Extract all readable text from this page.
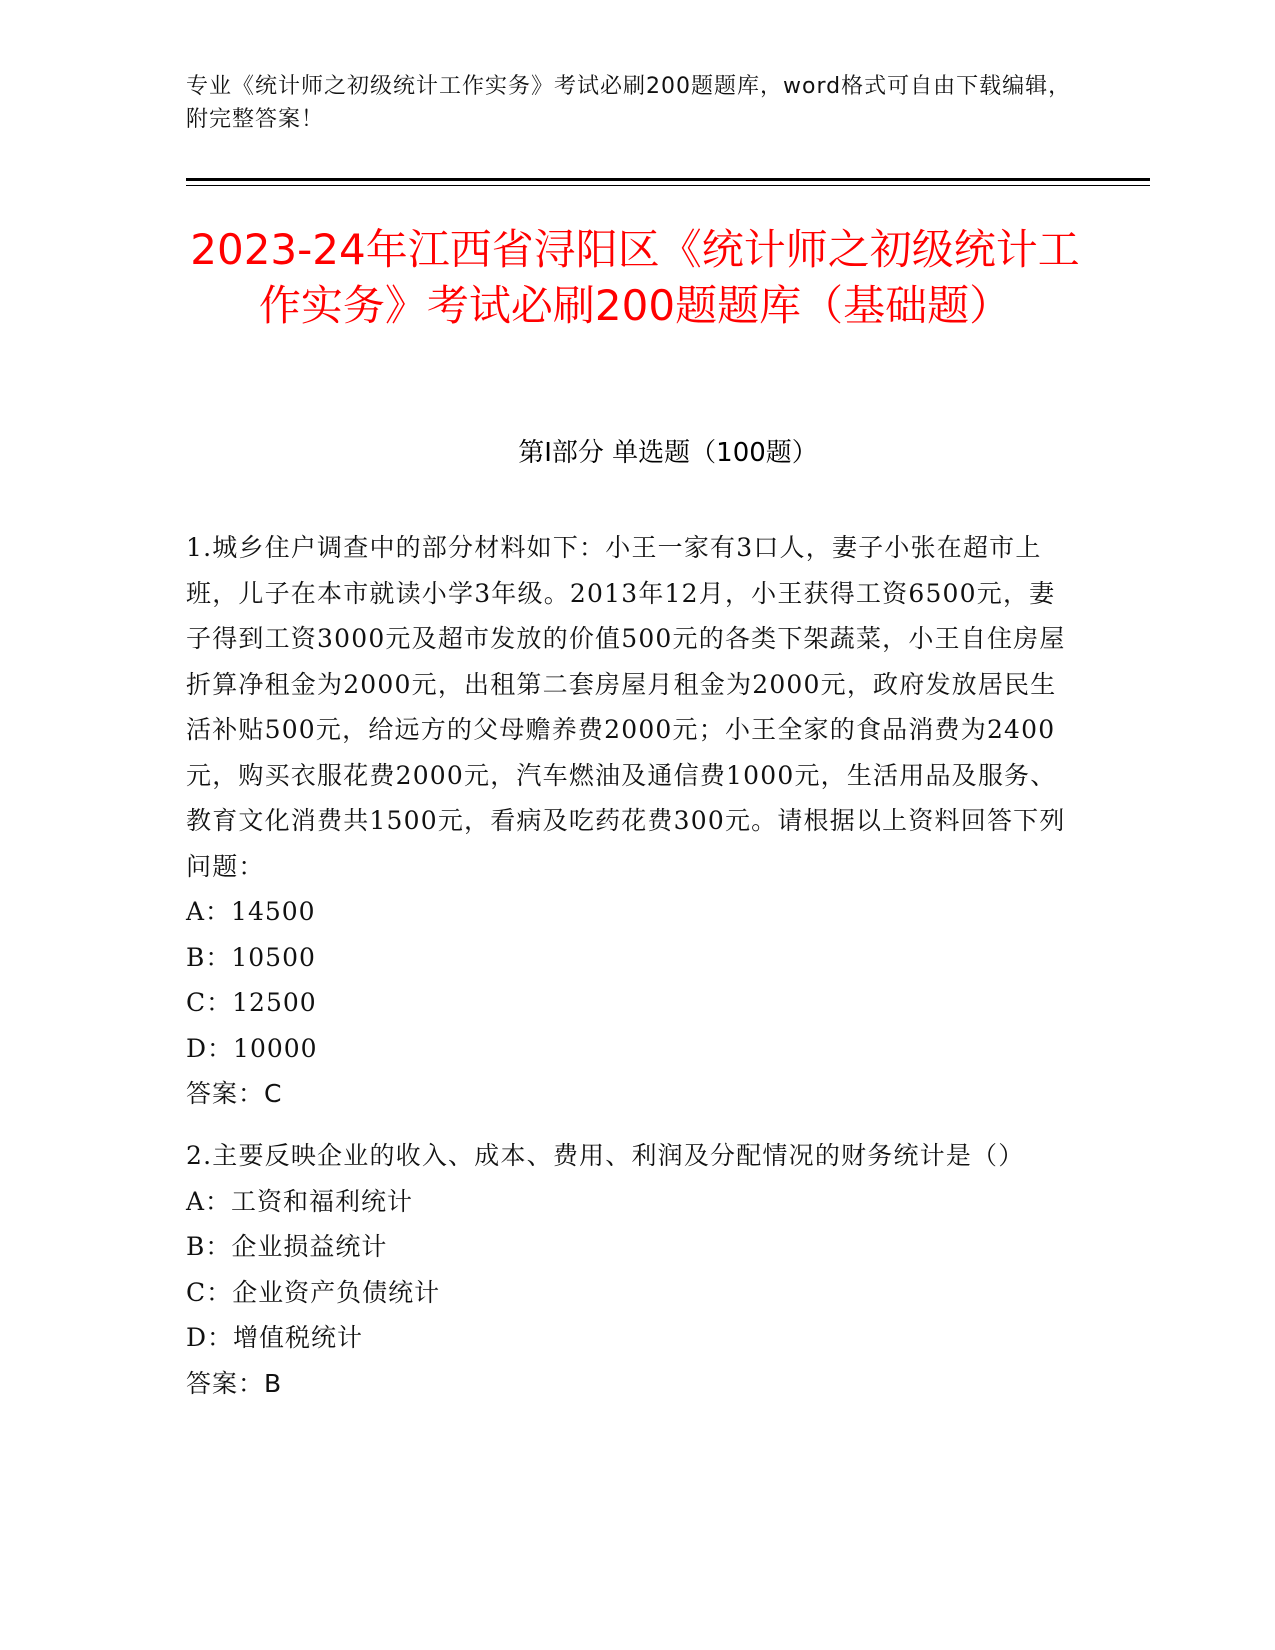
专业《统计师之初级统计工作实务》考试必刷200题题库，word格式可自由下载编辑，附完整答案！
2023-24年江西省浔阳区《统计师之初级统计工作实务》考试必刷200题题库（基础题）
第I部分 单选题（100题）
1.城乡住户调查中的部分材料如下：小王一家有3口人，妻子小张在超市上班，儿子在本市就读小学3年级。2013年12月，小王获得工资6500元，妻子得到工资3000元及超市发放的价值500元的各类下架蔬菜，小王自住房屋折算净租金为2000元，出租第二套房屋月租金为2000元，政府发放居民生活补贴500元，给远方的父母赡养费2000元；小王全家的食品消费为2400元，购买衣服花费2000元，汽车燃油及通信费1000元，生活用品及服务、教育文化消费共1500元，看病及吃药花费300元。请根据以上资料回答下列问题：
A：14500
B：10500
C：12500
D：10000
答案：C
2.主要反映企业的收入、成本、费用、利润及分配情况的财务统计是（）
A：工资和福利统计
B：企业损益统计
C：企业资产负债统计
D：增值税统计
答案：B
